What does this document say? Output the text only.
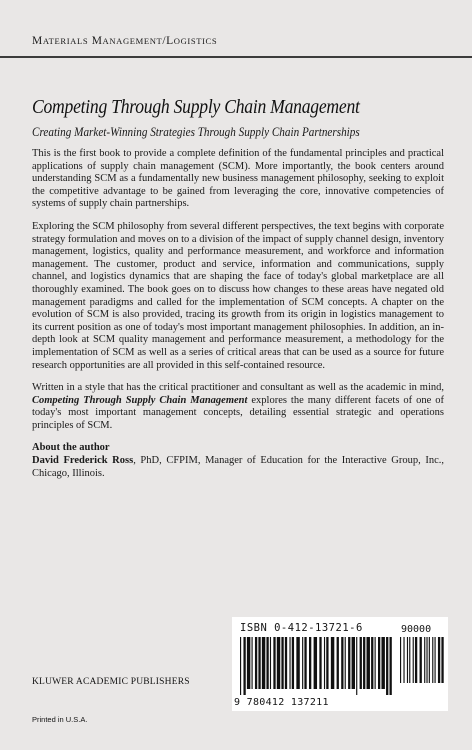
MATERIALS MANAGEMENT/LOGISTICS
Competing Through Supply Chain Management
Creating Market-Winning Strategies Through Supply Chain Partnerships

This is the first book to provide a complete definition of the fundamental principles and practical applications of supply chain management (SCM). More importantly, the book centers around understanding SCM as a fundamentally new business management philosophy, seeking to exploit the competitive advantage to be gained from leveraging the core, innovative competencies of systems of supply chain partnerships.

Exploring the SCM philosophy from several different perspectives, the text begins with corporate strategy formulation and moves on to a division of the impact of supply channel design, inventory management, logistics, quality and performance measurement, and workforce and information management. The customer, product and service, information and communications, supply channel, and logistics dynamics that are shaping the face of today's global marketplace are all thoroughly examined. The book goes on to discuss how changes to these areas have negated old management paradigms and called for the implementation of SCM concepts. A chapter on the evolution of SCM is also provided, tracing its growth from its origin in logistics management to its current position as one of today's most important management philosophies. In addition, an in-depth look at SCM quality management and performance measurement, a methodology for the implementation of SCM as well as a series of critical areas that can be used as a source for future research opportunities are all provided in this self-contained resource.

Written in a style that has the critical practitioner and consultant as well as the academic in mind, Competing Through Supply Chain Management explores the many different facets of one of today's most important management concepts, detailing essential strategic and operations principles of SCM.

About the author
David Frederick Ross, PhD, CFPIM, Manager of Education for the Interactive Group, Inc., Chicago, Illinois.
ISBN 0-412-13721-6	90000
9 780412 137211
KLUWER ACADEMIC PUBLISHERS
Printed in U.S.A.
